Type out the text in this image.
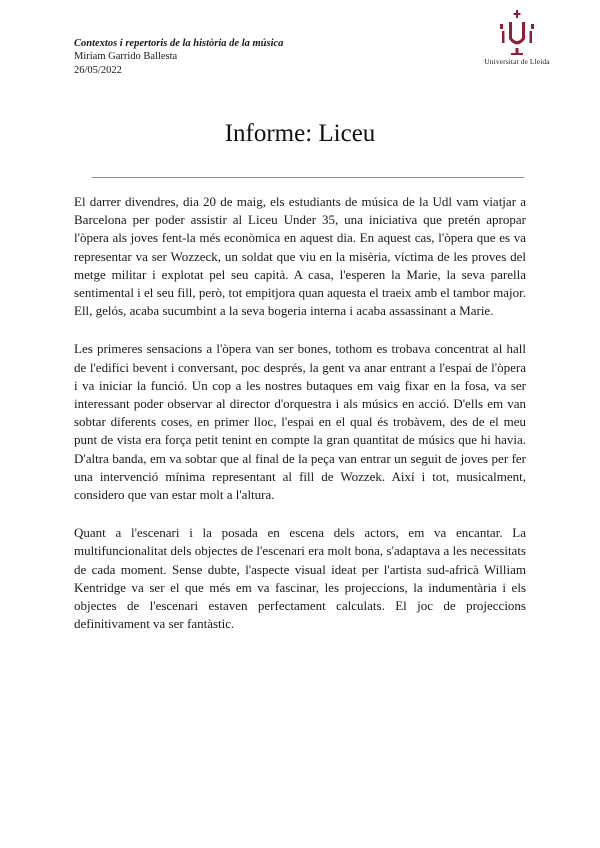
Contextos i repertoris de la història de la música
Miriam Garrido Ballesta
26/05/2022
Universitat de Lleida
Informe: Liceu

El darrer divendres, dia 20 de maig, els estudiants de música de la Udl vam viatjar a Barcelona per poder assistir al Liceu Under 35, una iniciativa que pretén apropar l'òpera als joves fent-la més econòmica en aquest dia. En aquest cas, l'òpera que es va representar va ser Wozzeck, un soldat que viu en la misèria, víctima de les proves del metge militar i explotat pel seu capità. A casa, l'esperen la Marie, la seva parella sentimental i el seu fill, però, tot empitjora quan aquesta el traeix amb el tambor major. Ell, gelós, acaba sucumbint a la seva bogeria interna i acaba assassinant a Marie.

Les primeres sensacions a l'òpera van ser bones, tothom es trobava concentrat al hall de l'edifici bevent i conversant, poc després, la gent va anar entrant a l'espai de l'òpera i va iniciar la funció. Un cop a les nostres butaques em vaig fixar en la fosa, va ser interessant poder observar al director d'orquestra i als músics en acció. D'ells em van sobtar diferents coses, en primer lloc, l'espai en el qual és trobàvem, des de el meu punt de vista era força petit tenint en compte la gran quantitat de músics que hi havia. D'altra banda, em va sobtar que al final de la peça van entrar un seguit de joves per fer una intervenció mínima representant al fill de Wozzek. Així i tot, musicalment, considero que van estar molt a l'altura.

Quant a l'escenari i la posada en escena dels actors, em va encantar. La multifuncionalitat dels objectes de l'escenari era molt bona, s'adaptava a les necessitats de cada moment. Sense dubte, l'aspecte visual ideat per l'artista sud-africà William Kentridge va ser el que més em va fascinar, les projeccions, la indumentària i els objectes de l'escenari estaven perfectament calculats. El joc de projeccions definitivament va ser fantàstic.
